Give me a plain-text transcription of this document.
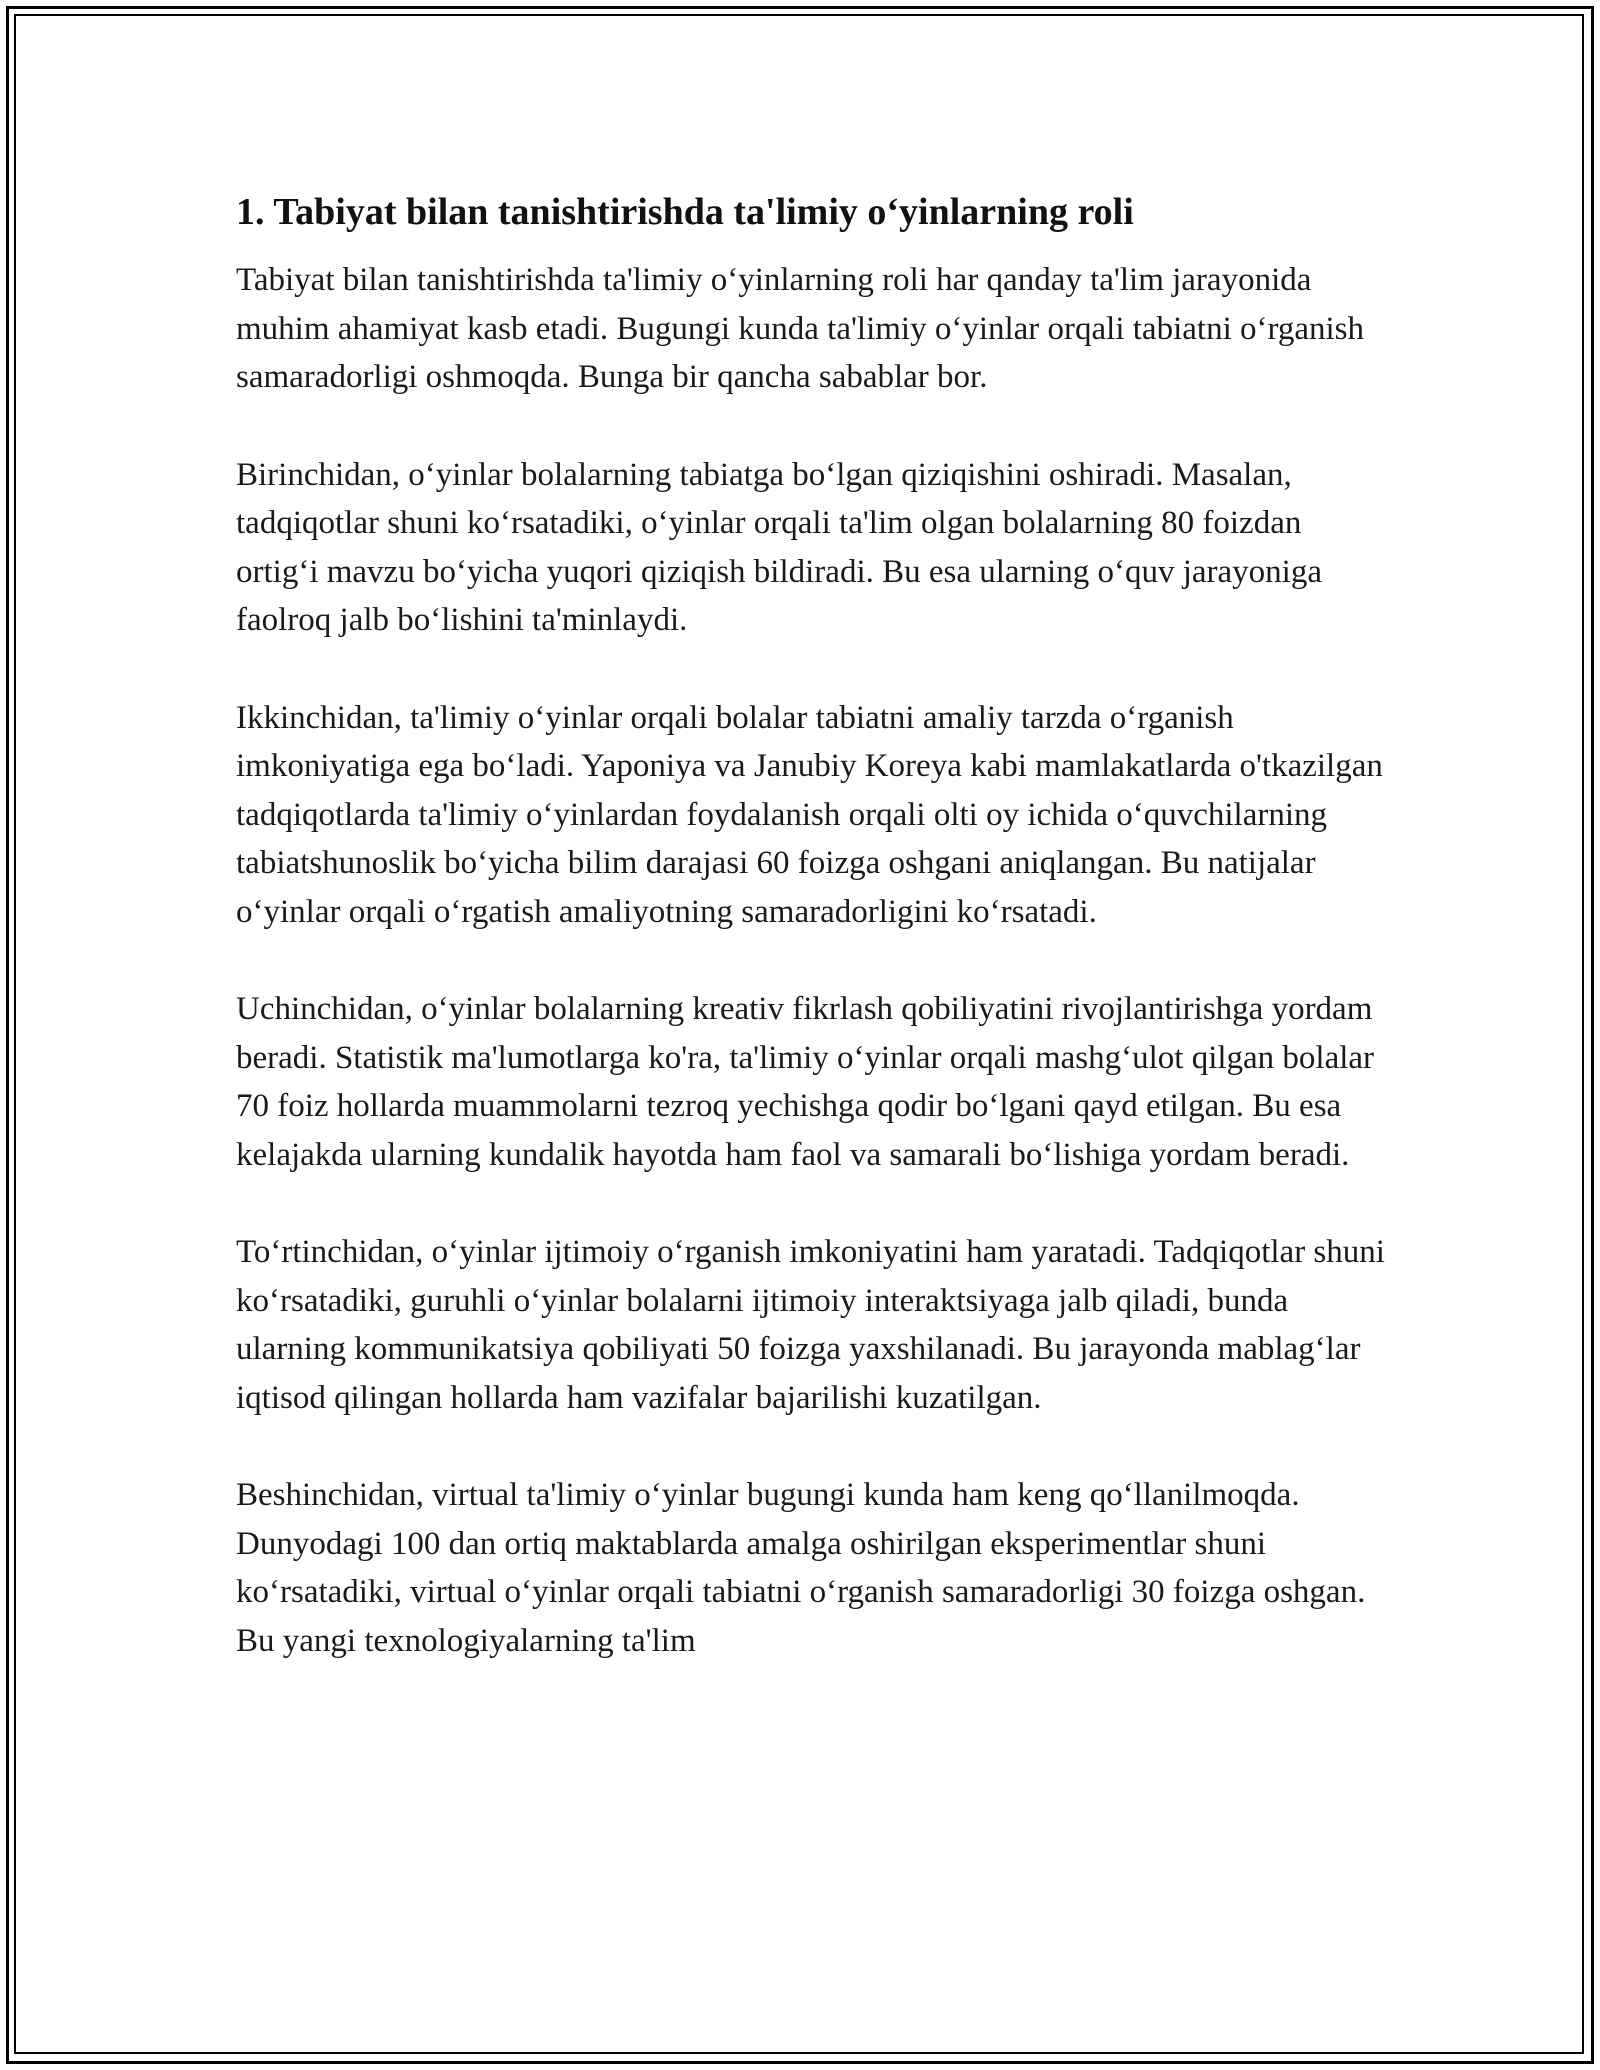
1. Tabiyat bilan tanishtirishda ta'limiy o‘yinlarning roli

Tabiyat bilan tanishtirishda ta'limiy o‘yinlarning roli har qanday ta'lim jarayonida muhim ahamiyat kasb etadi. Bugungi kunda ta'limiy o‘yinlar orqali tabiatni o‘rganish samaradorligi oshmoqda. Bunga bir qancha sabablar bor.

Birinchidan, o‘yinlar bolalarning tabiatga bo‘lgan qiziqishini oshiradi. Masalan, tadqiqotlar shuni ko‘rsatadiki, o‘yinlar orqali ta'lim olgan bolalarning 80 foizdan ortig‘i mavzu bo‘yicha yuqori qiziqish bildiradi. Bu esa ularning o‘quv jarayoniga faolroq jalb bo‘lishini ta'minlaydi.

Ikkinchidan, ta'limiy o‘yinlar orqali bolalar tabiatni amaliy tarzda o‘rganish imkoniyatiga ega bo‘ladi. Yaponiya va Janubiy Koreya kabi mamlakatlarda o'tkazilgan tadqiqotlarda ta'limiy o‘yinlardan foydalanish orqali olti oy ichida o‘quvchilarning tabiatshunoslik bo‘yicha bilim darajasi 60 foizga oshgani aniqlangan. Bu natijalar o‘yinlar orqali o‘rgatish amaliyotning samaradorligini ko‘rsatadi.

Uchinchidan, o‘yinlar bolalarning kreativ fikrlash qobiliyatini rivojlantirishga yordam beradi. Statistik ma'lumotlarga ko'ra, ta'limiy o‘yinlar orqali mashg‘ulot qilgan bolalar 70 foiz hollarda muammolarni tezroq yechishga qodir bo‘lgani qayd etilgan. Bu esa kelajakda ularning kundalik hayotda ham faol va samarali bo‘lishiga yordam beradi.

To‘rtinchidan, o‘yinlar ijtimoiy o‘rganish imkoniyatini ham yaratadi. Tadqiqotlar shuni ko‘rsatadiki, guruhli o‘yinlar bolalarni ijtimoiy interaktsiyaga jalb qiladi, bunda ularning kommunikatsiya qobiliyati 50 foizga yaxshilanadi. Bu jarayonda mablag‘lar iqtisod qilingan hollarda ham vazifalar bajarilishi kuzatilgan.

Beshinchidan, virtual ta'limiy o‘yinlar bugungi kunda ham keng qo‘llanilmoqda. Dunyodagi 100 dan ortiq maktablarda amalga oshirilgan eksperimentlar shuni ko‘rsatadiki, virtual o‘yinlar orqali tabiatni o‘rganish samaradorligi 30 foizga oshgan. Bu yangi texnologiyalarning ta'lim
